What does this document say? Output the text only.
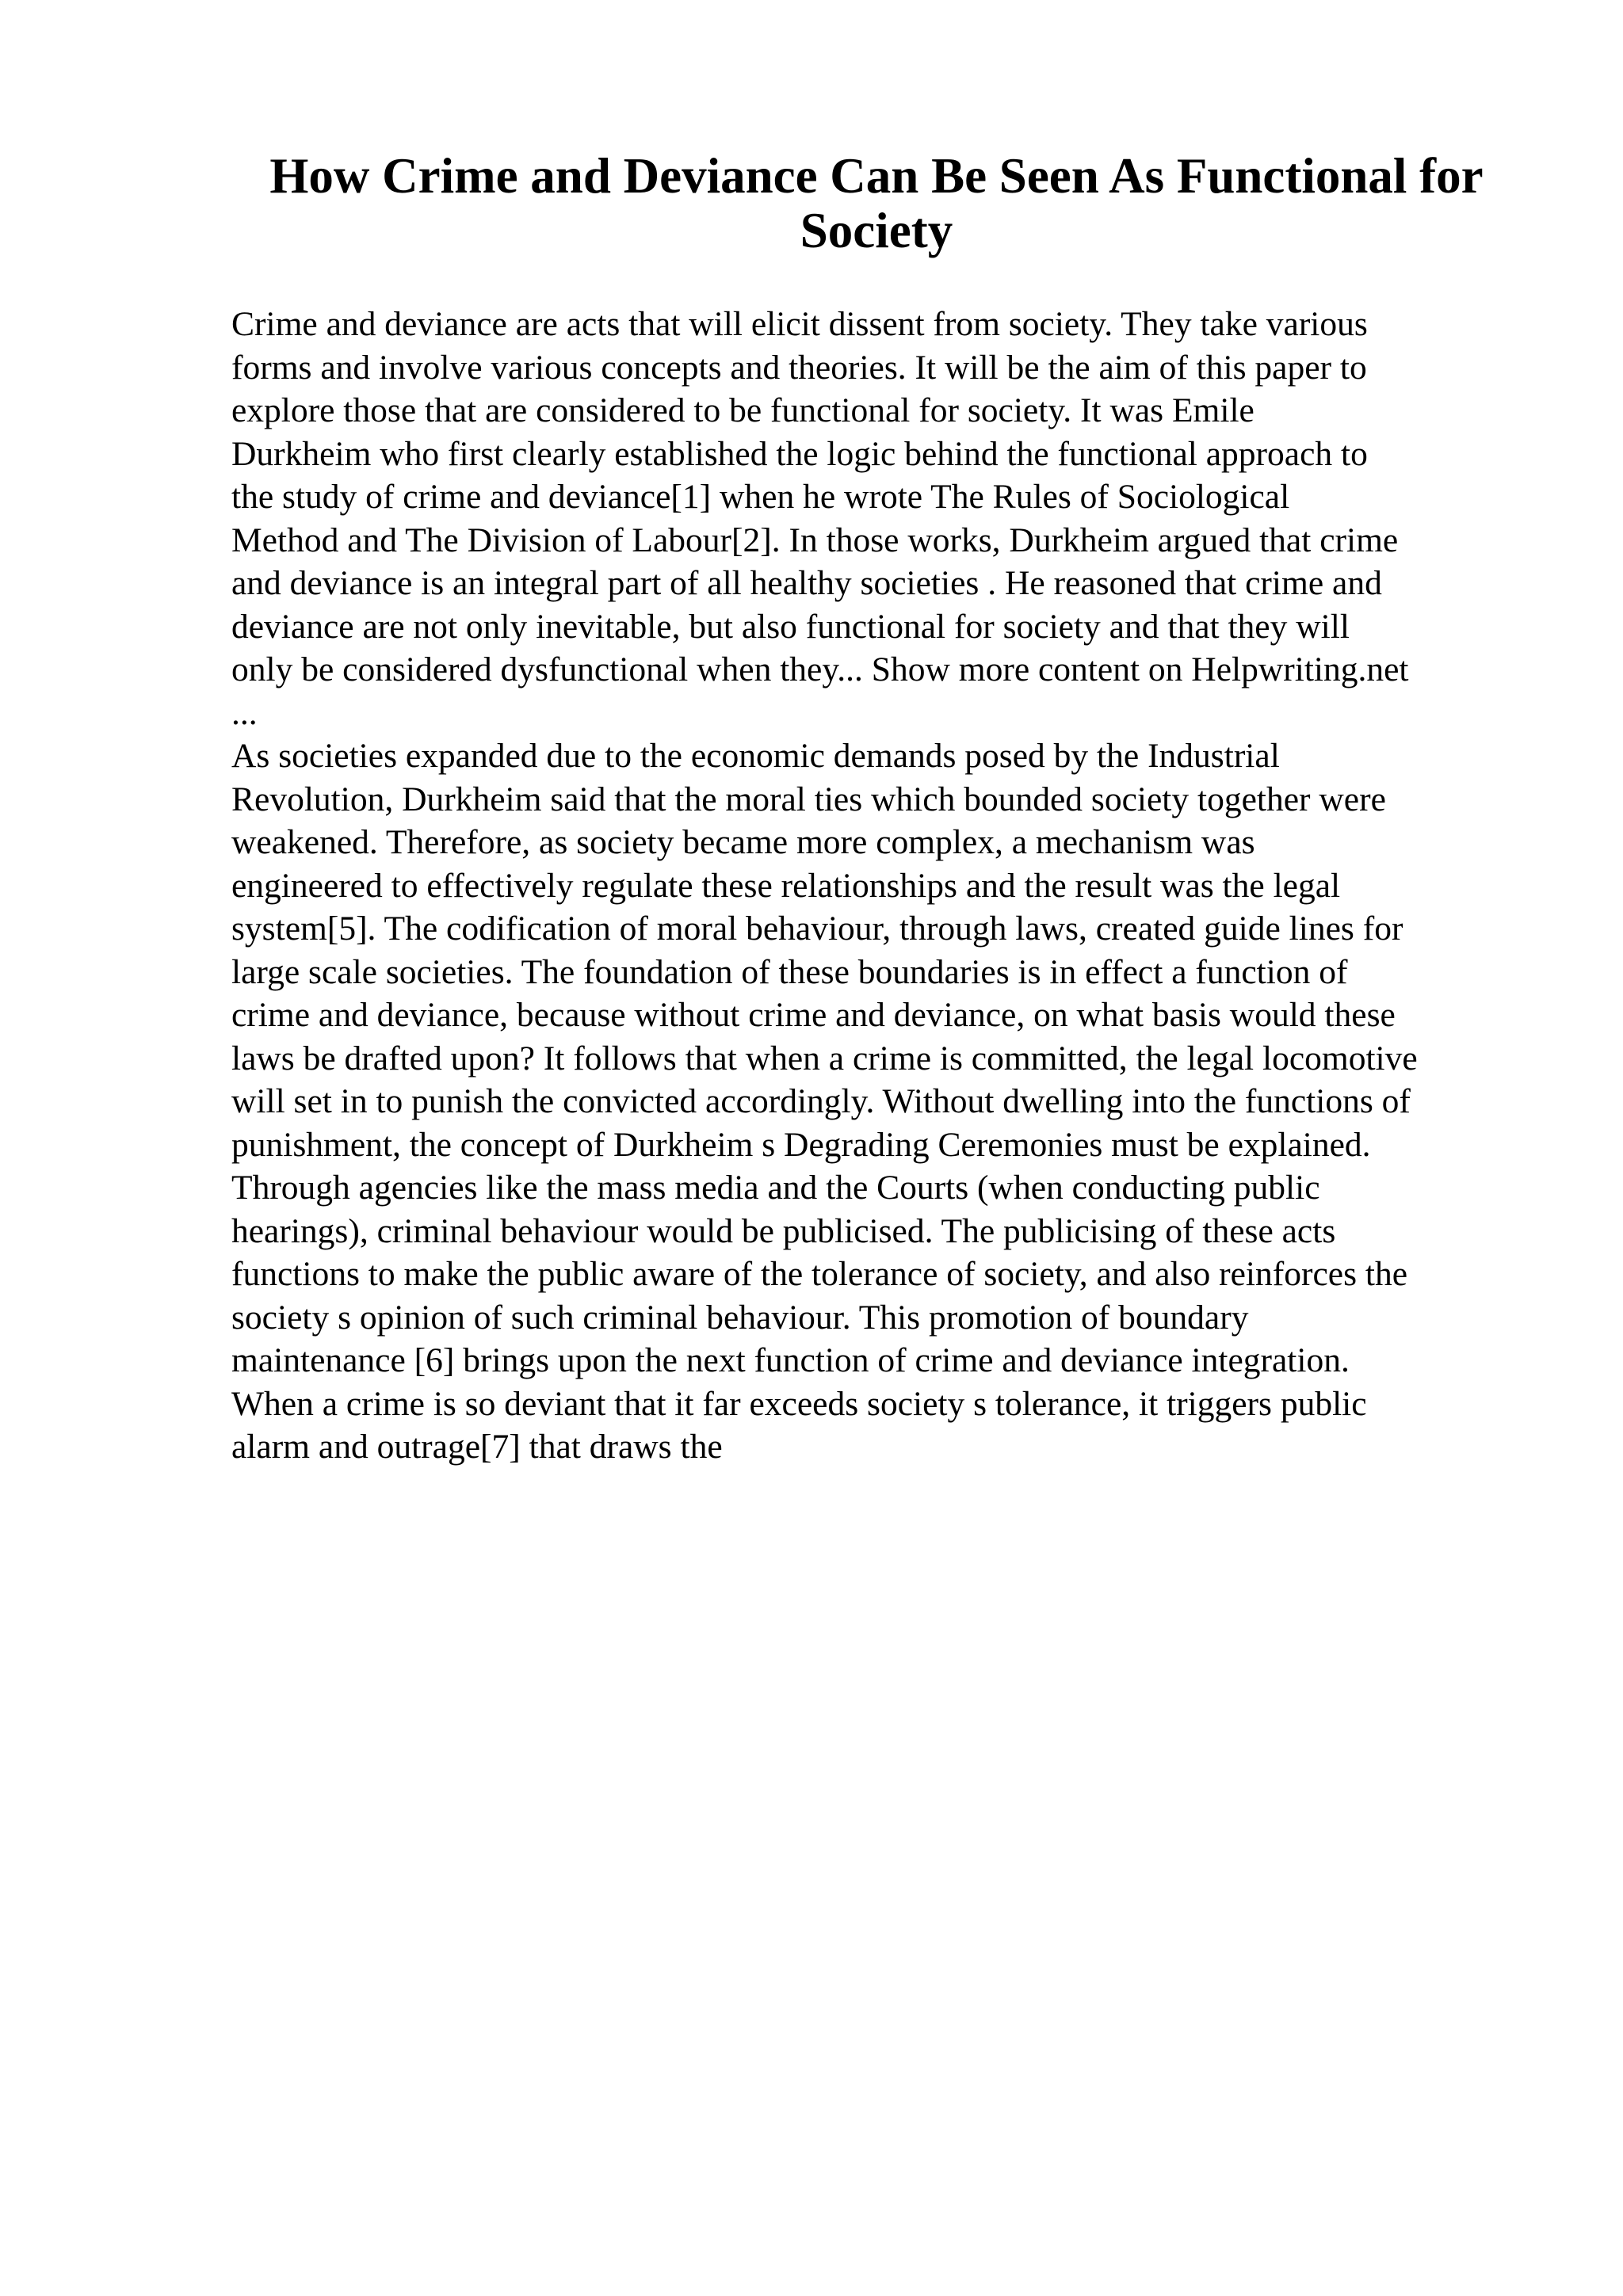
How Crime and Deviance Can Be Seen As Functional for
Society
Crime and deviance are acts that will elicit dissent from society. They take various
forms and involve various concepts and theories. It will be the aim of this paper to
explore those that are considered to be functional for society. It was Emile
Durkheim who first clearly established the logic behind the functional approach to
the study of crime and deviance[1] when he wrote The Rules of Sociological
Method and The Division of Labour[2]. In those works, Durkheim argued that crime
and deviance is an integral part of all healthy societies . He reasoned that crime and
deviance are not only inevitable, but also functional for society and that they will
only be considered dysfunctional when they... Show more content on Helpwriting.net
...
As societies expanded due to the economic demands posed by the Industrial
Revolution, Durkheim said that the moral ties which bounded society together were
weakened. Therefore, as society became more complex, a mechanism was
engineered to effectively regulate these relationships and the result was the legal
system[5]. The codification of moral behaviour, through laws, created guide lines for
large scale societies. The foundation of these boundaries is in effect a function of
crime and deviance, because without crime and deviance, on what basis would these
laws be drafted upon? It follows that when a crime is committed, the legal locomotive
will set in to punish the convicted accordingly. Without dwelling into the functions of
punishment, the concept of Durkheim s Degrading Ceremonies must be explained.
Through agencies like the mass media and the Courts (when conducting public
hearings), criminal behaviour would be publicised. The publicising of these acts
functions to make the public aware of the tolerance of society, and also reinforces the
society s opinion of such criminal behaviour. This promotion of boundary
maintenance [6] brings upon the next function of crime and deviance integration.
When a crime is so deviant that it far exceeds society s tolerance, it triggers public
alarm and outrage[7] that draws the
